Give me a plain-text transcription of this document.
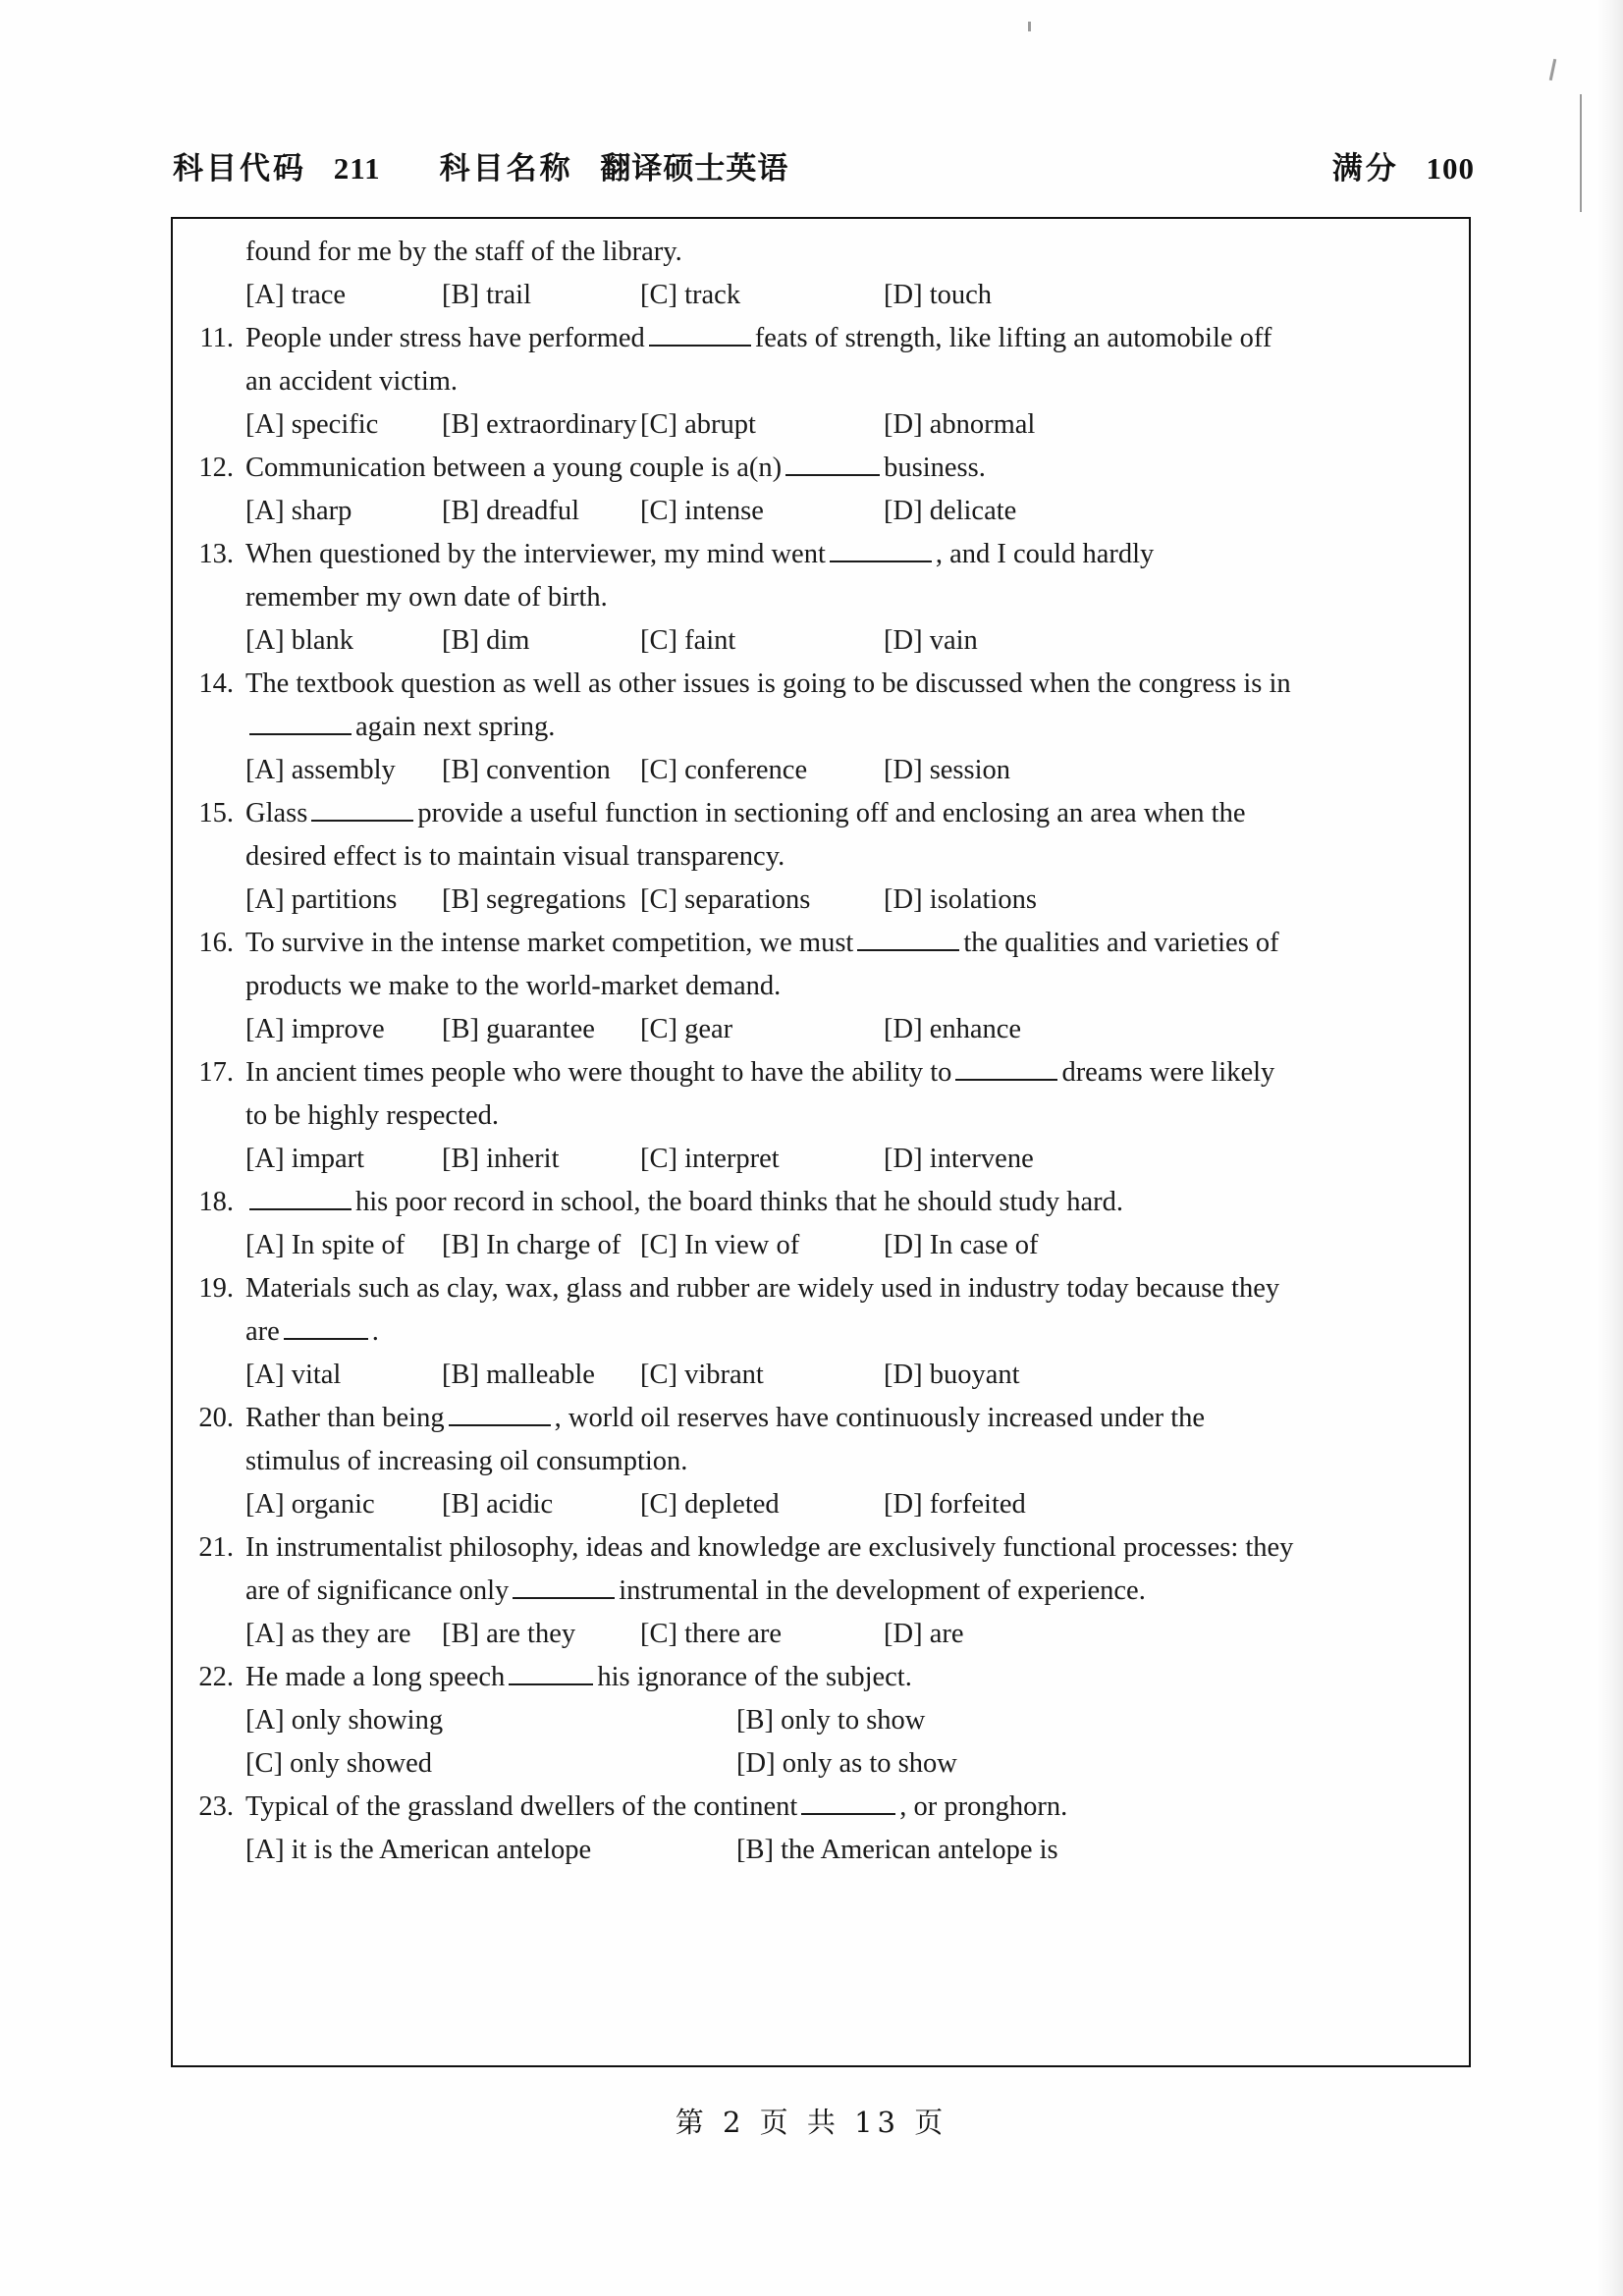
科目代码 211 科目名称 翻译硕士英语	满分 100
found for me by the staff of the library.
[A] trace	[B] trail	[C] track	[D] touch
11. People under stress have performed	feats of strength, like lifting an automobile off

an accident victim.
[A] specific	[B] extraordinary [C] abrupt	[D] abnormal
12. Communication between a young couple is a(n)	business.

[A] sharp	[B] dreadful	[C] intense	[D] delicate
13. When questioned by the interviewer, my mind went	, and I could hardly

remember my own date of birth.
[A] blank	[B] dim	[C] faint	[D] vain
14. The textbook question as well as other issues is going to be discussed when the congress is in

again next spring.
[A] assembly	[B] convention	[C] conference	[D] session
15. Glass	provide a useful function in sectioning off and enclosing an area when the

desired effect is to maintain visual transparency.
[A] partitions	[B] segregations [C] separations	[D] isolations
16. To survive in the intense market competition, we must	the qualities and varieties of

products we make to the world-market demand.
[A] improve	[B] guarantee	[C] gear	[D] enhance
17. In ancient times people who were thought to have the ability to	dreams were likely

to be highly respected.
[A] impart	[B] inherit	[C] interpret	[D] intervene
18.	his poor record in school, the board thinks that he should study hard.

[A] In spite of	[B] In charge of [C] In view of	[D] In case of
19. Materials such as clay, wax, glass and rubber are widely used in industry today because they

are	.
[A] vital	[B] malleable	[C] vibrant	[D] buoyant
20. Rather than being	, world oil reserves have continuously increased under the

stimulus of increasing oil consumption.
[A] organic	[B] acidic	[C] depleted	[D] forfeited
21. In instrumentalist philosophy, ideas and knowledge are exclusively functional processes: they

are of significance only	instrumental in the development of experience.
[A] as they are	[B] are they	[C] there are	[D] are
22. He made a long speech	his ignorance of the subject.

[A] only showing	[B] only to show
[C] only showed	[D] only as to show
23. Typical of the grassland dwellers of the continent	, or pronghorn.

[A] it is the American antelope	[B] the American antelope is
第 2 页 共 13 页
